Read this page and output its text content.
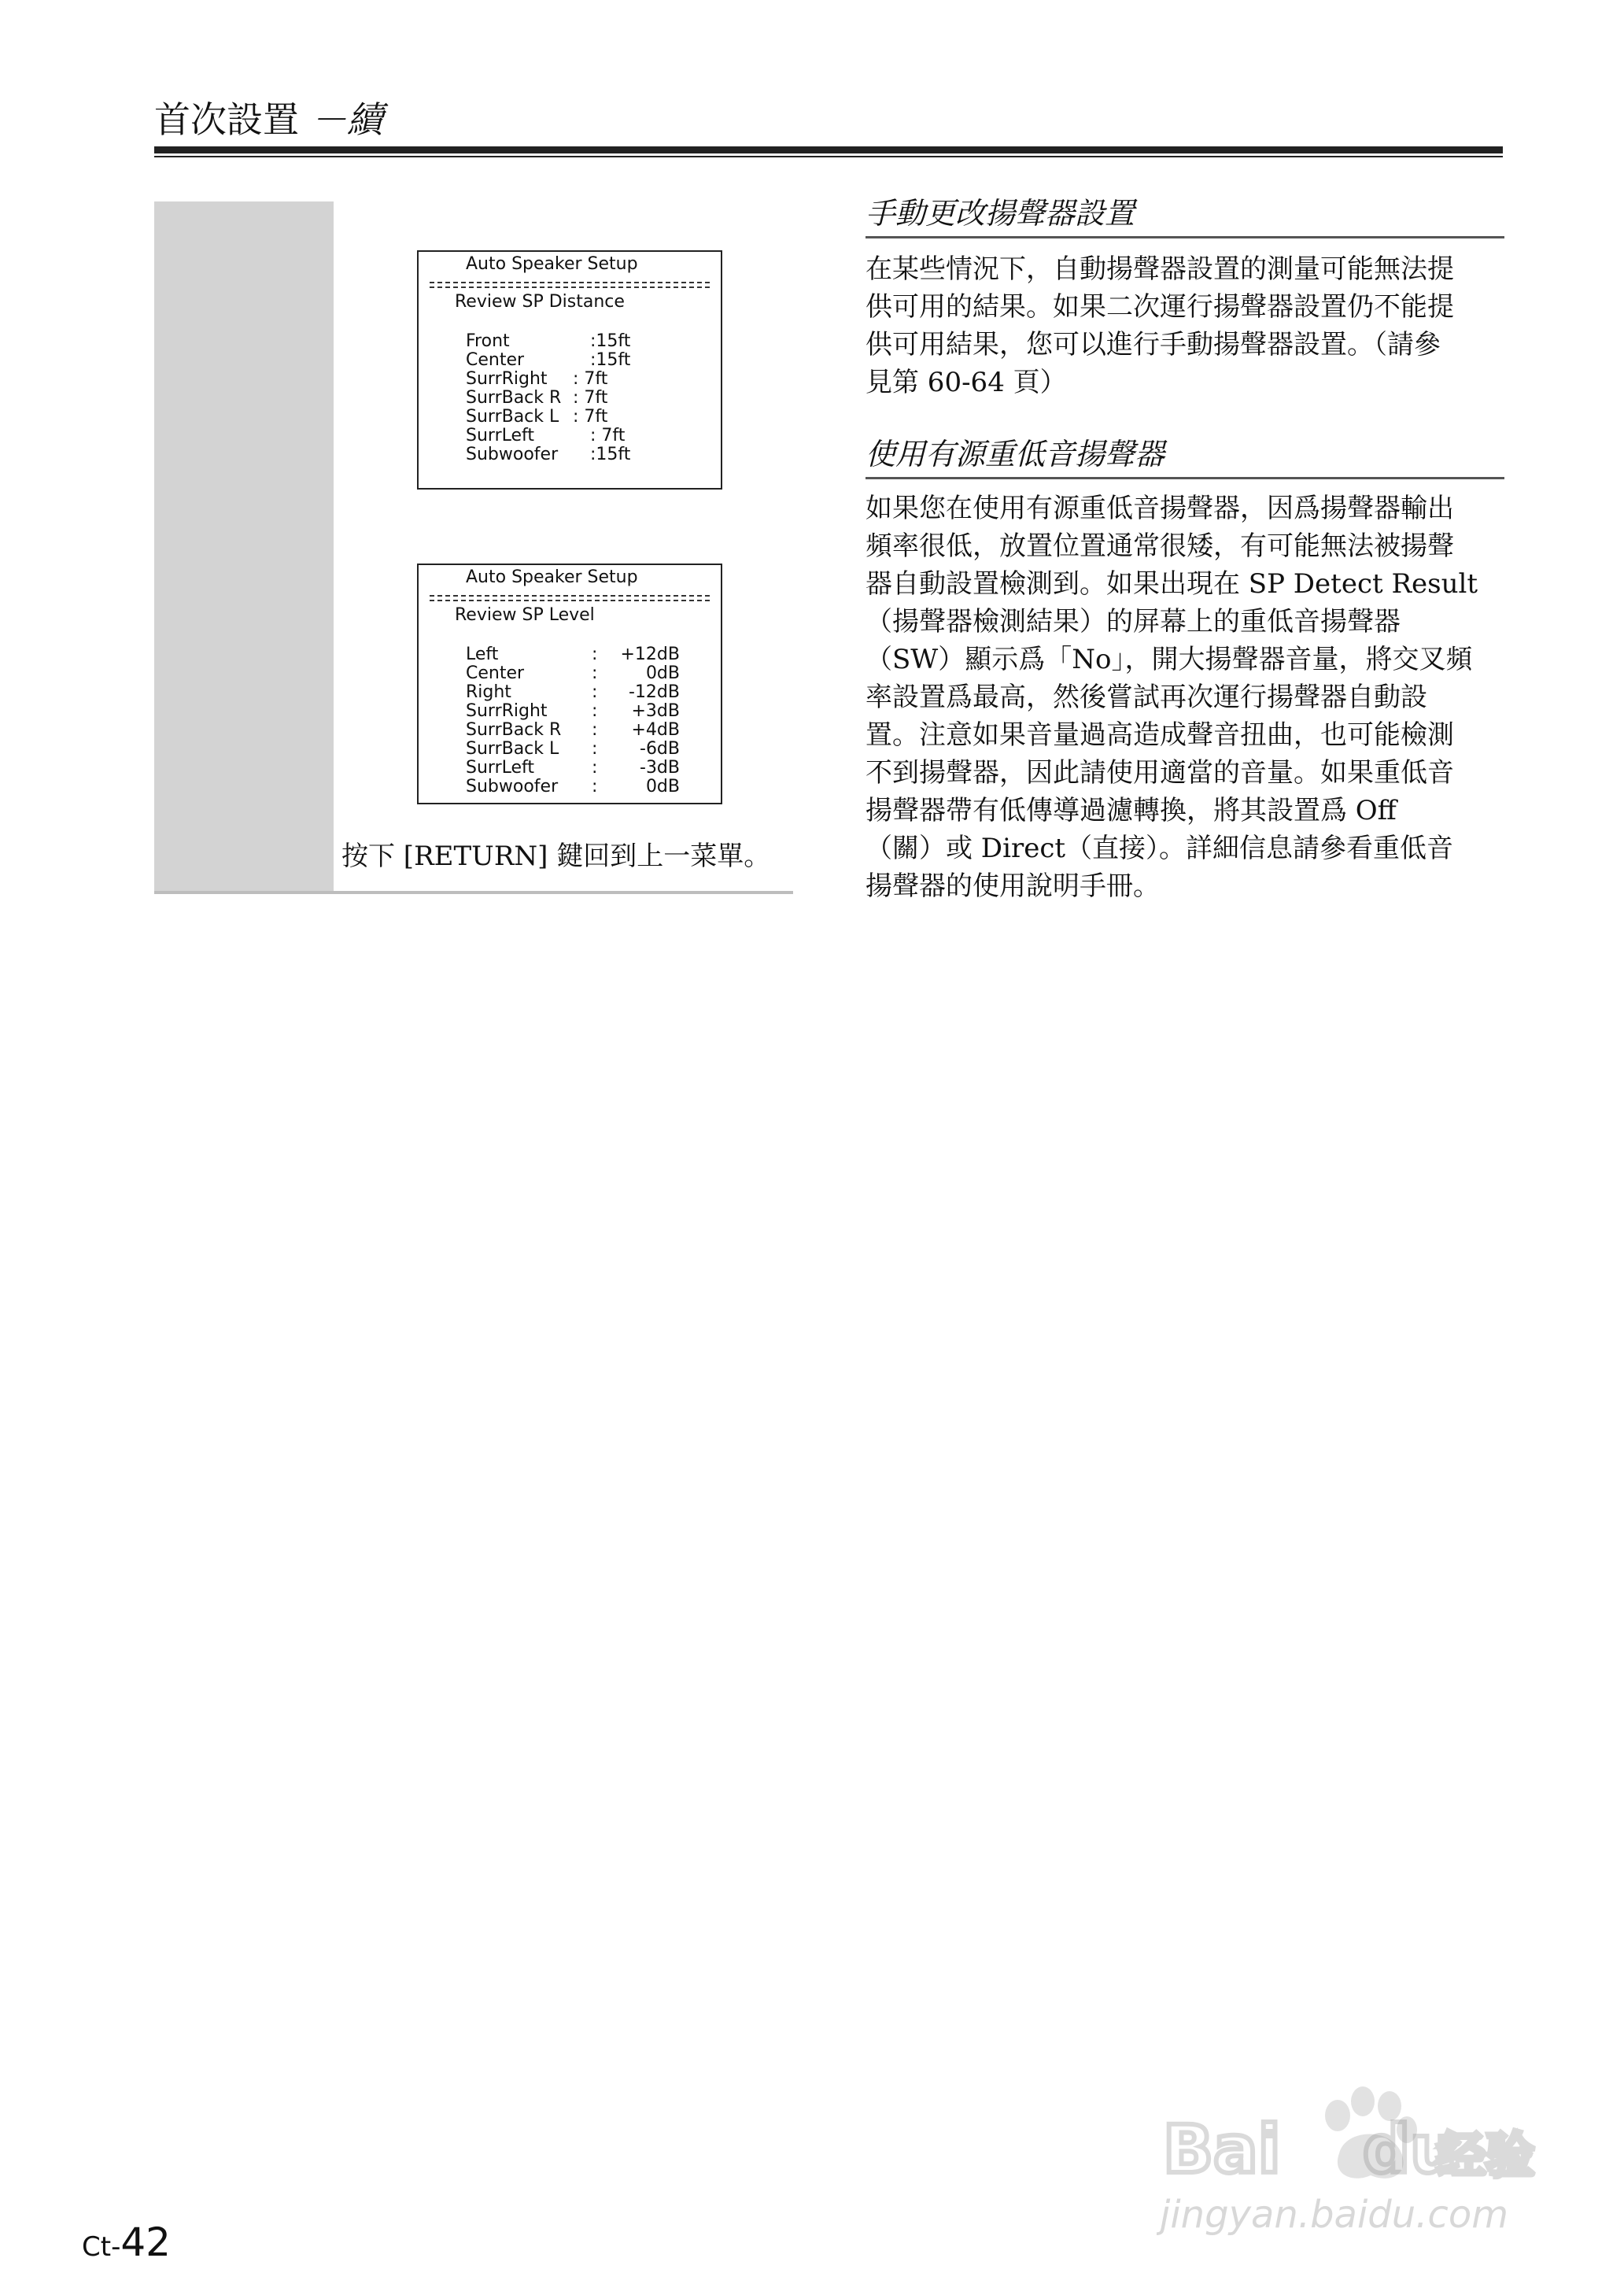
首次設置 －續
Auto Speaker Setup
Review SP Distance
Front	:15ft
Center	:15ft
SurrRight : 7ft
SurrBack R : 7ft
SurrBack L : 7ft
SurrLeft	: 7ft
Subwoofer :15ft
Auto Speaker Setup
Review SP Level
Left	: +12dB
Center	:	0dB
Right	:	-12dB
SurrRight	:	+3dB
SurrBack R :	+4dB
SurrBack L :	-6dB
SurrLeft	:	-3dB
Subwoofer :	0dB
按下 [RETURN] 鍵回到上一菜單。
手動更改揚聲器設置
在某些情況下，自動揚聲器設置的測量可能無法提
供可用的結果。如果二次運行揚聲器設置仍不能提
供可用結果，您可以進行手動揚聲器設置。（請參
見第 60-64 頁）
使用有源重低音揚聲器
如果您在使用有源重低音揚聲器，因爲揚聲器輸出
頻率很低，放置位置通常很矮，有可能無法被揚聲
器自動設置檢測到。如果出現在 SP Detect Result
（揚聲器檢測結果）的屏幕上的重低音揚聲器
（SW）顯示爲「No」，開大揚聲器音量，將交叉頻
率設置爲最高，然後嘗試再次運行揚聲器自動設
置。注意如果音量過高造成聲音扭曲，也可能檢測
不到揚聲器，因此請使用適當的音量。如果重低音
揚聲器帶有低傳導過濾轉換，將其設置爲 Off
（關）或 Direct（直接）。詳細信息請參看重低音
揚聲器的使用說明手冊。
Ct-42
Bai du
经验
jingyan.baidu.com
